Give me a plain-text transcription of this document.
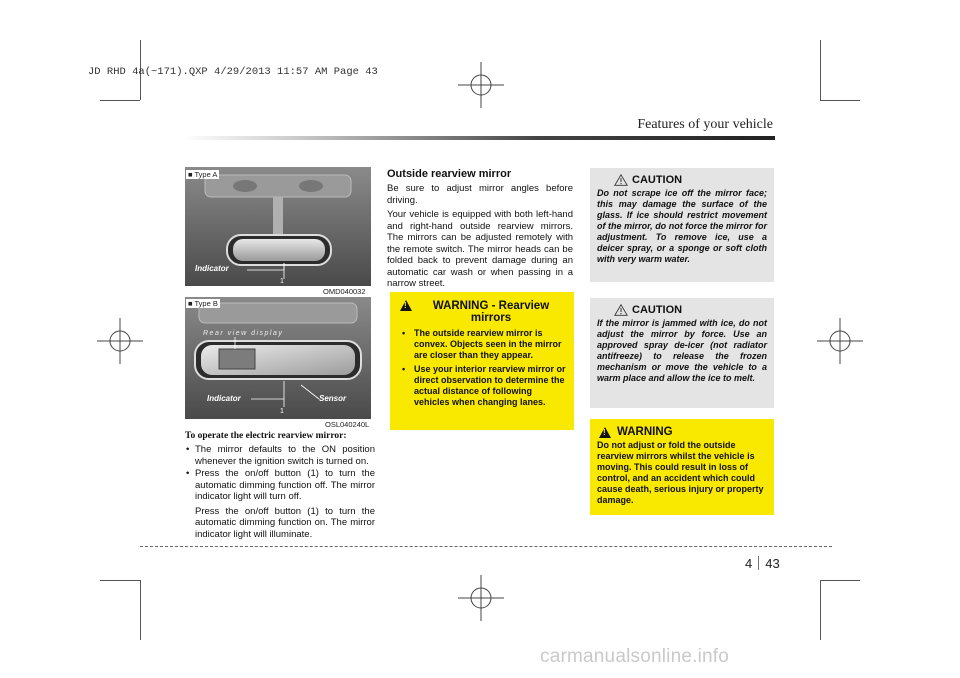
JD RHD 4a(~171).QXP 4/29/2013 11:57 AM Page 43
Features of your vehicle
Indicator
1
■ Type A
OMD040032
Rear view display
Indicator	Sensor
1
■ Type B
OSL040240L
To operate the electric rearview mirror:
• The mirror defaults to the ON position whenever the ignition switch is turned on.
• Press the on/off button (1) to turn the automatic dimming function off. The mirror indicator light will turn off.
Press the on/off button (1) to turn the automatic dimming function on. The mirror indicator light will illuminate.
Outside rearview mirror
Be sure to adjust mirror angles before driving.
Your vehicle is equipped with both left-hand and right-hand outside rearview mirrors. The mirrors can be adjusted remotely with the remote switch. The mirror heads can be folded back to prevent damage during an automatic car wash or when passing in a narrow street.
!
WARNING - Rearview mirrors
• The outside rearview mirror is convex. Objects seen in the mirror are closer than they appear.
• Use your interior rearview mirror or direct observation to determine the actual distance of following vehicles when changing lanes.
CAUTION
Do not scrape ice off the mirror face; this may damage the surface of the glass. If ice should restrict movement of the mirror, do not force the mirror for adjustment. To remove ice, use a deicer spray, or a sponge or soft cloth with very warm water.
CAUTION
If the mirror is jammed with ice, do not adjust the mirror by force. Use an approved spray de-icer (not radiator antifreeze) to release the frozen mechanism or move the vehicle to a warm place and allow the ice to melt.
!
WARNING
Do not adjust or fold the outside rearview mirrors whilst the vehicle is moving. This could result in loss of control, and an accident which could cause death, serious injury or property damage.
4 43
carmanualsonline.info
